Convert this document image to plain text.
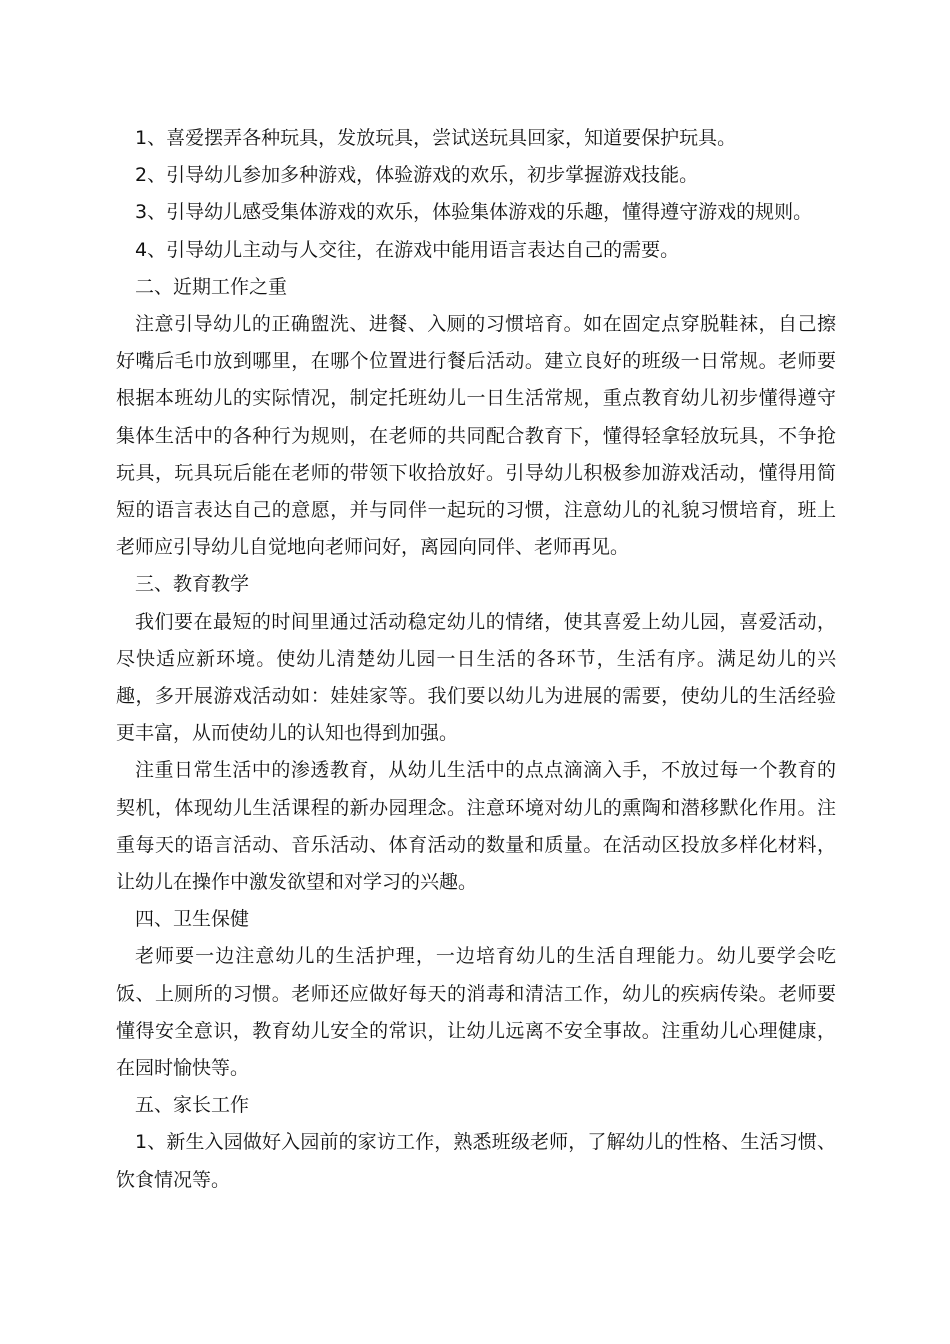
1、喜爱摆弄各种玩具，发放玩具，尝试送玩具回家，知道要保护玩具。

2、引导幼儿参加多种游戏，体验游戏的欢乐，初步掌握游戏技能。

3、引导幼儿感受集体游戏的欢乐，体验集体游戏的乐趣，懂得遵守游戏的规则。

4、引导幼儿主动与人交往，在游戏中能用语言表达自己的需要。

二、近期工作之重

注意引导幼儿的正确盥洗、进餐、入厕的习惯培育。如在固定点穿脱鞋袜，自己擦好嘴后毛巾放到哪里，在哪个位置进行餐后活动。建立良好的班级一日常规。老师要根据本班幼儿的实际情况，制定托班幼儿一日生活常规，重点教育幼儿初步懂得遵守集体生活中的各种行为规则，在老师的共同配合教育下，懂得轻拿轻放玩具，不争抢玩具，玩具玩后能在老师的带领下收拾放好。引导幼儿积极参加游戏活动，懂得用简短的语言表达自己的意愿，并与同伴一起玩的习惯，注意幼儿的礼貌习惯培育，班上老师应引导幼儿自觉地向老师问好，离园向同伴、老师再见。

三、教育教学

我们要在最短的时间里通过活动稳定幼儿的情绪，使其喜爱上幼儿园，喜爱活动，尽快适应新环境。使幼儿清楚幼儿园一日生活的各环节，生活有序。满足幼儿的兴趣，多开展游戏活动如：娃娃家等。我们要以幼儿为进展的需要，使幼儿的生活经验更丰富，从而使幼儿的认知也得到加强。

注重日常生活中的渗透教育，从幼儿生活中的点点滴滴入手，不放过每一个教育的契机，体现幼儿生活课程的新办园理念。注意环境对幼儿的熏陶和潜移默化作用。注重每天的语言活动、音乐活动、体育活动的数量和质量。在活动区投放多样化材料，让幼儿在操作中激发欲望和对学习的兴趣。

四、卫生保健

老师要一边注意幼儿的生活护理，一边培育幼儿的生活自理能力。幼儿要学会吃饭、上厕所的习惯。老师还应做好每天的消毒和清洁工作，幼儿的疾病传染。老师要懂得安全意识，教育幼儿安全的常识，让幼儿远离不安全事故。注重幼儿心理健康，在园时愉快等。

五、家长工作

1、新生入园做好入园前的家访工作，熟悉班级老师，了解幼儿的性格、生活习惯、饮食情况等。
